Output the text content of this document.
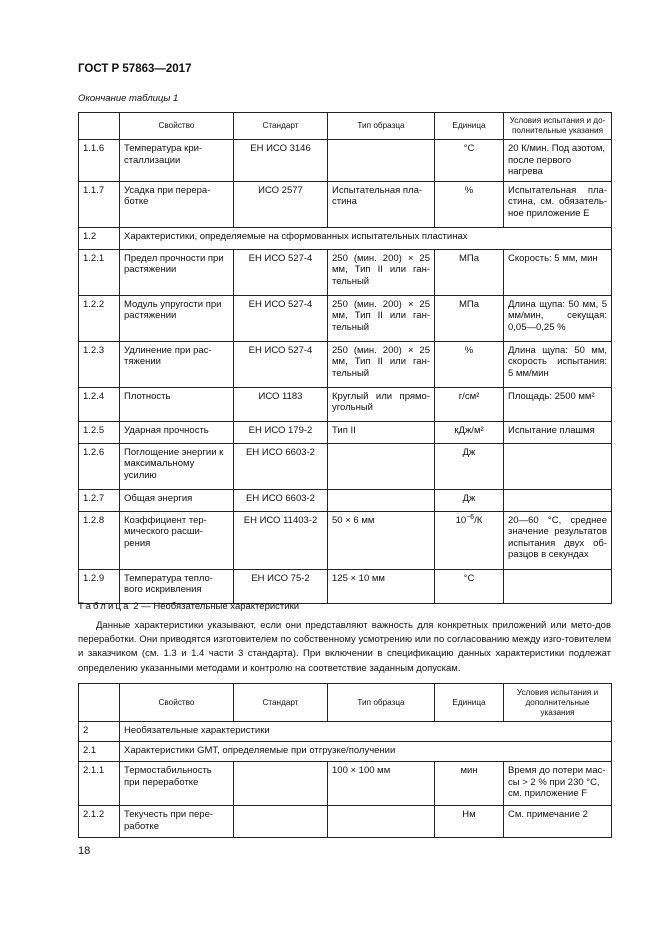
ГОСТ Р 57863—2017
Окончание таблицы 1
	Свойство	Стандарт	Тип образца	Единица	Условия испытания и до-полнительные указания
1.1.6	Температура кри-сталлизации	ЕН ИСО 3146		°С	20 К/мин. Под азотом, после первого нагрева
1.1.7	Усадка при перера-ботке	ИСО 2577	Испытательная пла-стина	%	Испытательная пла-стина, см. обязатель-ное приложение Е
1.2	Характеристики, определяемые на сформованных испытательных пластинах				
1.2.1	Предел прочности при растяжении	ЕН ИСО 527-4	250 (мин. 200) × 25 мм, Тип II или ган-тельный	МПа	Скорость: 5 мм, мин
1.2.2	Модуль упругости при растяжении	ЕН ИСО 527-4	250 (мин. 200) × 25 мм, Тип II или ган-тельный	МПа	Длина щупа: 50 мм, 5 мм/мин, секущая: 0,05—0,25 %
1.2.3	Удлинение при рас-тяжении	ЕН ИСО 527-4	250 (мин. 200) × 25 мм, Тип II или ган-тельный	%	Длина щупа: 50 мм, скорость испытания: 5 мм/мин
1.2.4	Плотность	ИСО 1183	Круглый или прямо-угольный	г/см²	Площадь: 2500 мм²
1.2.5	Ударная прочность	ЕН ИСО 179-2	Тип II	кДж/м²	Испытание плашмя
1.2.6	Поглощение энергии к максимальному усилию	ЕН ИСО 6603-2		Дж	
1.2.7	Общая энергия	ЕН ИСО 6603-2		Дж	
1.2.8	Коэффициент тер-мического расши-рения	ЕН ИСО 11403-2	50 × 6 мм	$10^{-6}/К$	20—60 °С, среднее значение результатов испытания двух об-разцов в секундах
1.2.9	Температура тепло-вого искривления	ЕН ИСО 75-2	125 × 10 мм	°С	
Таблица 2 — Необязательные характеристики

Данные характеристики указывают, если они представляют важность для конкретных приложений или мето-дов переработки. Они приводятся изготовителем по собственному усмотрению или по согласованию между изго-товителем и заказчиком (см. 1.3 и 1.4 части 3 стандарта). При включении в спецификацию данных характеристики подлежат определению указанными методами и контролю на соответствие заданным допускам.

	Свойство	Стандарт	Тип образца	Единица	Условия испытания и дополнительные указания
2	Необязательные характеристики				
2.1	Характеристики GMT, определяемые при отгрузке/получении				
2.1.1	Термостабильность при переработке		100 × 100 мм	мин	Время до потери мас-сы > 2 % при 230 °С, см. приложение F
2.1.2	Текучесть при пере-работке			Нм	См. примечание 2
18
